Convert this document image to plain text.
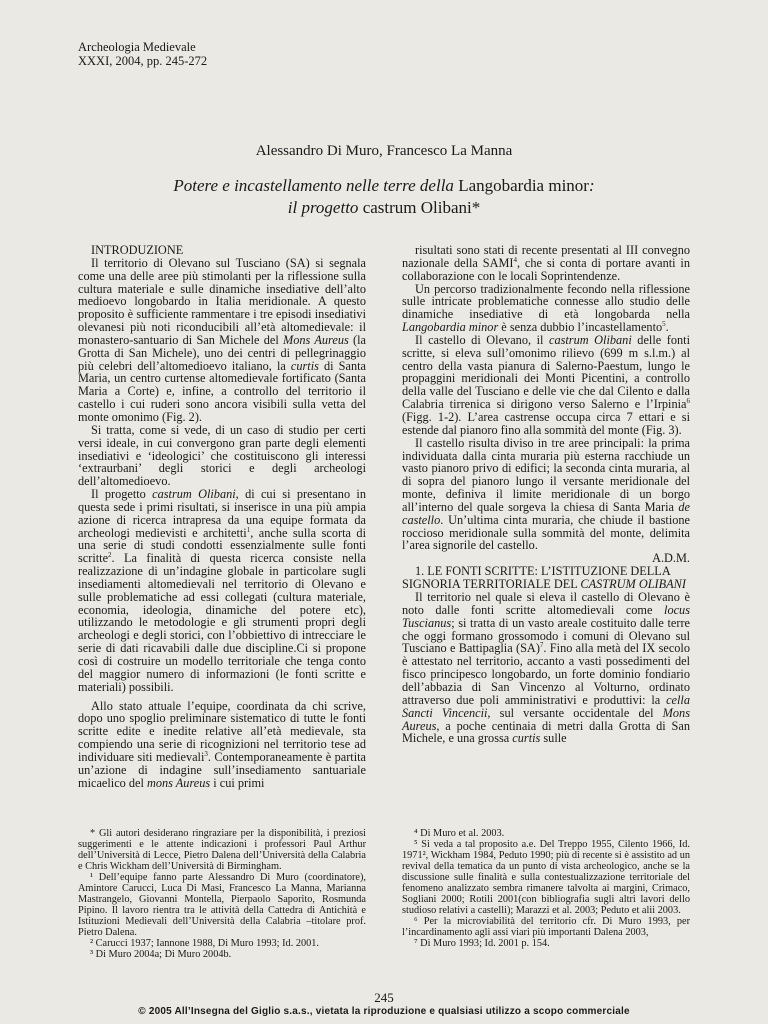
Archeologia Medievale
XXXI, 2004, pp. 245-272
Alessandro Di Muro, Francesco La Manna
Potere e incastellamento nelle terre della Langobardia minor:
il progetto castrum Olibani*

INTRODUZIONE

Il territorio di Olevano sul Tusciano (SA) si segnala come una delle aree più stimolanti per la riflessione sulla cultura materiale e sulle dinamiche insediative dell’alto medioevo longobardo in Italia meridionale. A questo proposito è sufficiente rammentare i tre episodi insediativi olevanesi più noti riconducibili all’età altomedievale: il monastero-santuario di San Michele del Mons Aureus (la Grotta di San Michele), uno dei centri di pellegrinaggio più celebri dell’altomedioevo italiano, la curtis di Santa Maria, un centro curtense altomedievale fortificato (Santa Maria a Corte) e, infine, a controllo del territorio il castello i cui ruderi sono ancora visibili sulla vetta del monte omonimo (Fig. 2).

Si tratta, come si vede, di un caso di studio per certi versi ideale, in cui convergono gran parte degli elementi insediativi e ‘ideologici’ che costituiscono gli interessi ‘extraurbani’ degli storici e degli archeologi dell’altomedioevo.

Il progetto castrum Olibani, di cui si presentano in questa sede i primi risultati, si inserisce in una più ampia azione di ricerca intrapresa da una equipe formata da archeologi medievisti e architetti$^1$, anche sulla scorta di una serie di studi condotti essenzialmente sulle fonti scritte$^2$. La finalità di questa ricerca consiste nella realizzazione di un’indagine globale in particolare sugli insediamenti altomedievali nel territorio di Olevano e sulle problematiche ad essi collegati (cultura materiale, economia, ideologia, dinamiche del potere etc), utilizzando le metodologie e gli strumenti propri degli archeologi e degli storici, con l’obbiettivo di intrecciare le serie di dati ricavabili dalle due discipline.Ci si propone così di costruire un modello territoriale che tenga conto del maggior numero di informazioni (le fonti scritte e materiali) possibili.

Allo stato attuale l’equipe, coordinata da chi scrive, dopo uno spoglio preliminare sistematico di tutte le fonti scritte edite e inedite relative all’età medievale, sta compiendo una serie di ricognizioni nel territorio tese ad individuare siti medievali$^3$. Contemporaneamente è partita un’azione di indagine sull’insediamento santuariale micaelico del mons Aureus i cui primi

risultati sono stati di recente presentati al III convegno nazionale della SAMI$^4$, che si conta di portare avanti in collaborazione con le locali Soprintendenze.

Un percorso tradizionalmente fecondo nella riflessione sulle intricate problematiche connesse allo studio delle dinamiche insediative di età longobarda nella Langobardia minor è senza dubbio l’incastellamento$^5$.

Il castello di Olevano, il castrum Olibani delle fonti scritte, si eleva sull’omonimo rilievo (699 m s.l.m.) al centro della vasta pianura di Salerno-Paestum, lungo le propaggini meridionali dei Monti Picentini, a controllo della valle del Tusciano e delle vie che dal Cilento e dalla Calabria tirrenica si dirigono verso Salerno e l’Irpinia$^6$ (Figg. 1-2). L’area castrense occupa circa 7 ettari e si estende dal pianoro fino alla sommità del monte (Fig. 3).

Il castello risulta diviso in tre aree principali: la prima individuata dalla cinta muraria più esterna racchiude un vasto pianoro privo di edifici; la seconda cinta muraria, al di sopra del pianoro lungo il versante meridionale del monte, definiva il limite meridionale di un borgo all’interno del quale sorgeva la chiesa di Santa Maria de castello. Un’ultima cinta muraria, che chiude il bastione roccioso meridionale sulla sommità del monte, delimita l’area signorile del castello.

A.D.M.

1. LE FONTI SCRITTE: L’ISTITUZIONE DELLA SIGNORIA TERRITORIALE DEL CASTRUM OLIBANI

Il territorio nel quale si eleva il castello di Olevano è noto dalle fonti scritte altomedievali come locus Tuscianus; si tratta di un vasto areale costituito dalle terre che oggi formano grossomodo i comuni di Olevano sul Tusciano e Battipaglia (SA)$^7$. Fino alla metà del IX secolo è attestato nel territorio, accanto a vasti possedimenti del fisco principesco longobardo, un forte dominio fondiario dell’abbazia di San Vincenzo al Volturno, ordinato attraverso due poli amministrativi e produttivi: la cella Sancti Vincencii, sul versante occidentale del Mons Aureus, a poche centinaia di metri dalla Grotta di San Michele, e una grossa curtis sulle

* Gli autori desiderano ringraziare per la disponibilità, i preziosi suggerimenti e le attente indicazioni i professori Paul Arthur dell’Università di Lecce, Pietro Dalena dell’Università della Calabria e Chris Wickham dell’Università di Birmingham.

¹ Dell’equipe fanno parte Alessandro Di Muro (coordinatore), Amintore Carucci, Luca Di Masi, Francesco La Manna, Marianna Mastrangelo, Giovanni Montella, Pierpaolo Saporito, Rosmunda Pipino. Il lavoro rientra tra le attività della Cattedra di Antichità e Istituzioni Medievali dell’Università della Calabria –titolare prof. Pietro Dalena.

² Carucci 1937; Iannone 1988, Di Muro 1993; Id. 2001.

³ Di Muro 2004a; Di Muro 2004b.

⁴ Di Muro et al. 2003.

⁵ Si veda a tal proposito a.e. Del Treppo 1955, Cilento 1966, Id. 1971², Wickham 1984, Peduto 1990; più di recente si è assistito ad un revival della tematica da un punto di vista archeologico, anche se la discussione sulle finalità e sulla contestualizzazione territoriale del fenomeno analizzato sembra rimanere talvolta ai margini, Crimaco, Sogliani 2000; Rotili 2001(con bibliografia sugli altri lavori dello studioso relativi a castelli); Marazzi et al. 2003; Peduto et alii 2003.

⁶ Per la microviabilità del territorio cfr. Di Muro 1993, per l’incardinamento agli assi viari più importanti Dalena 2003,

⁷ Di Muro 1993; Id. 2001 p. 154.

245
© 2005 All’Insegna del Giglio s.a.s., vietata la riproduzione e qualsiasi utilizzo a scopo commerciale
